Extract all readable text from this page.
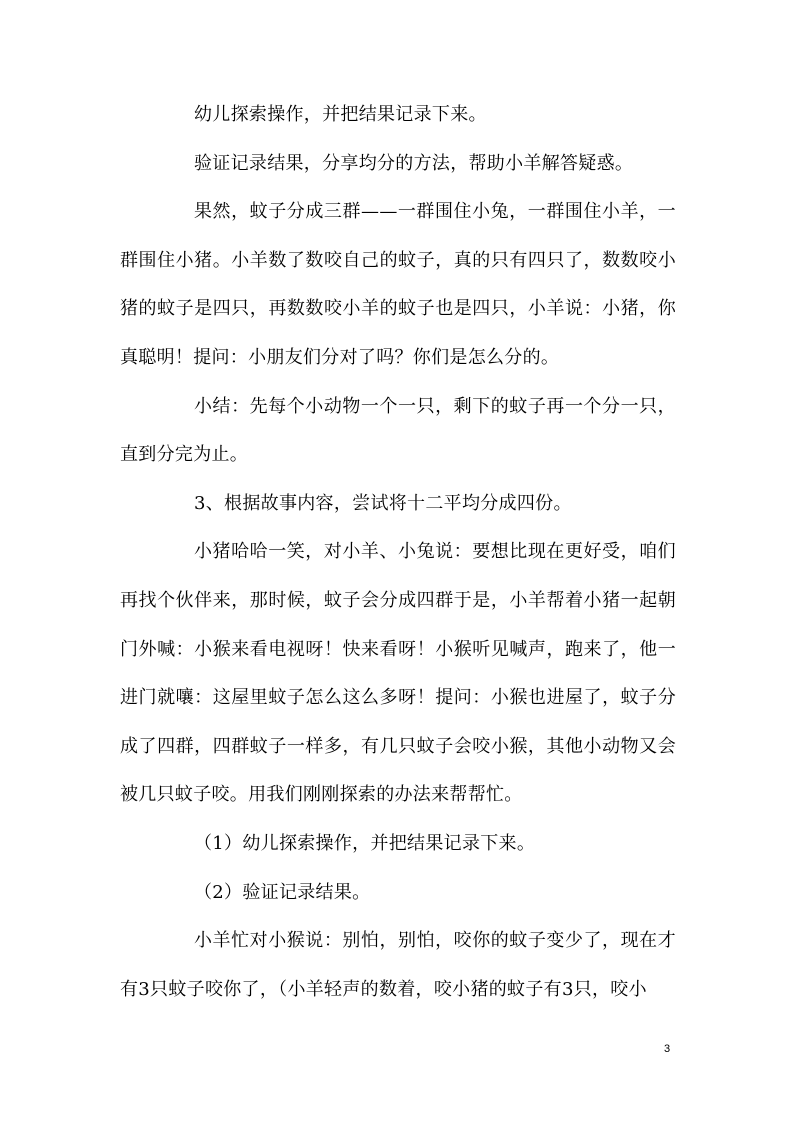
幼儿探索操作，并把结果记录下来。

验证记录结果，分享均分的方法，帮助小羊解答疑惑。

果然，蚊子分成三群——一群围住小兔，一群围住小羊，一群围住小猪。小羊数了数咬自己的蚊子，真的只有四只了，数数咬小猪的蚊子是四只，再数数咬小羊的蚊子也是四只，小羊说：小猪，你真聪明！提问：小朋友们分对了吗？你们是怎么分的。

小结：先每个小动物一个一只，剩下的蚊子再一个分一只，直到分完为止。

3、根据故事内容，尝试将十二平均分成四份。

小猪哈哈一笑，对小羊、小兔说：要想比现在更好受，咱们再找个伙伴来，那时候，蚊子会分成四群于是，小羊帮着小猪一起朝门外喊：小猴来看电视呀！快来看呀！小猴听见喊声，跑来了，他一进门就嚷：这屋里蚊子怎么这么多呀！提问：小猴也进屋了，蚊子分成了四群，四群蚊子一样多，有几只蚊子会咬小猴，其他小动物又会被几只蚊子咬。用我们刚刚探索的办法来帮帮忙。

（1）幼儿探索操作，并把结果记录下来。

（2）验证记录结果。

小羊忙对小猴说：别怕，别怕，咬你的蚊子变少了，现在才有3只蚊子咬你了，（小羊轻声的数着，咬小猪的蚊子有3只，咬小

3
